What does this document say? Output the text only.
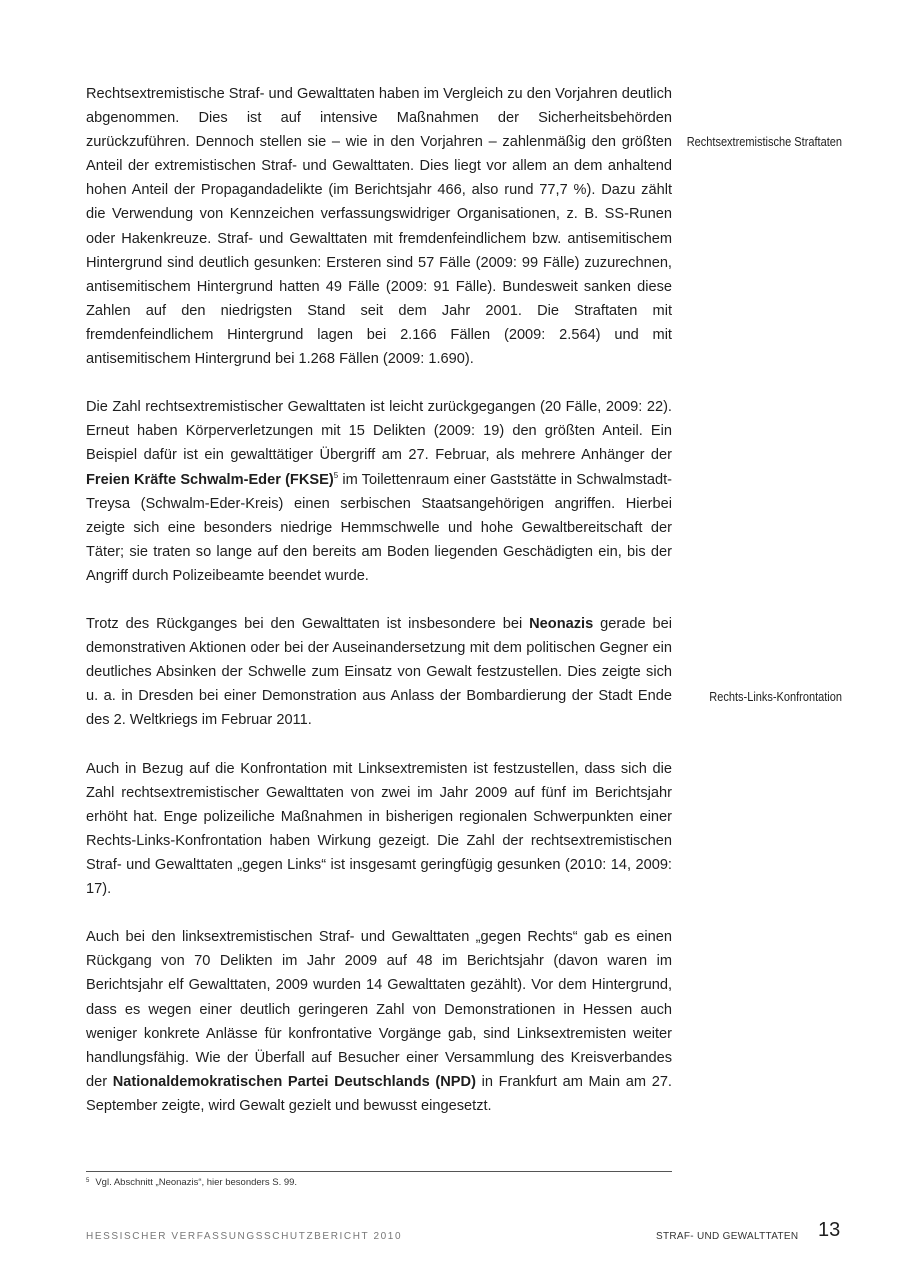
Rechtsextremistische Straftaten
Rechts-Links-Konfrontation

Rechtsextremistische Straf- und Gewalttaten haben im Vergleich zu den Vorjahren deutlich abgenommen. Dies ist auf intensive Maßnahmen der Sicherheitsbehörden zurückzuführen. Dennoch stellen sie – wie in den Vorjahren – zahlenmäßig den größten Anteil der extremistischen Straf- und Gewalttaten. Dies liegt vor allem an dem anhaltend hohen Anteil der Propagandadelikte (im Berichtsjahr 466, also rund 77,7 %). Dazu zählt die Verwendung von Kennzeichen verfassungswidriger Organisationen, z. B. SS-Runen oder Hakenkreuze. Straf- und Gewalttaten mit fremdenfeindlichem bzw. antisemitischem Hintergrund sind deutlich gesunken: Ersteren sind 57 Fälle (2009: 99 Fälle) zuzurechnen, antisemitischem Hintergrund hatten 49 Fälle (2009: 91 Fälle). Bundesweit sanken diese Zahlen auf den niedrigsten Stand seit dem Jahr 2001. Die Straftaten mit fremdenfeindlichem Hintergrund lagen bei 2.166 Fällen (2009: 2.564) und mit antisemitischem Hintergrund bei 1.268 Fällen (2009: 1.690).

Die Zahl rechtsextremistischer Gewalttaten ist leicht zurückgegangen (20 Fälle, 2009: 22). Erneut haben Körperverletzungen mit 15 Delikten (2009: 19) den größten Anteil. Ein Beispiel dafür ist ein gewalttätiger Übergriff am 27. Februar, als mehrere Anhänger der Freien Kräfte Schwalm-Eder (FKSE)$^5$ im Toilettenraum einer Gaststätte in Schwalmstadt-Treysa (Schwalm-Eder-Kreis) einen serbischen Staatsangehörigen angriffen. Hierbei zeigte sich eine besonders niedrige Hemmschwelle und hohe Gewaltbereitschaft der Täter; sie traten so lange auf den bereits am Boden liegenden Geschädigten ein, bis der Angriff durch Polizeibeamte beendet wurde.

Trotz des Rückganges bei den Gewalttaten ist insbesondere bei Neonazis gerade bei demonstrativen Aktionen oder bei der Auseinandersetzung mit dem politischen Gegner ein deutliches Absinken der Schwelle zum Einsatz von Gewalt festzustellen. Dies zeigte sich u. a. in Dresden bei einer Demonstration aus Anlass der Bombardierung der Stadt Ende des 2. Weltkriegs im Februar 2011.

Auch in Bezug auf die Konfrontation mit Linksextremisten ist festzustellen, dass sich die Zahl rechtsextremistischer Gewalttaten von zwei im Jahr 2009 auf fünf im Berichtsjahr erhöht hat. Enge polizeiliche Maßnahmen in bisherigen regionalen Schwerpunkten einer Rechts-Links-Konfrontation haben Wirkung gezeigt. Die Zahl der rechtsextremistischen Straf- und Gewalttaten „gegen Links“ ist insgesamt geringfügig gesunken (2010: 14, 2009: 17).

Auch bei den linksextremistischen Straf- und Gewalttaten „gegen Rechts“ gab es einen Rückgang von 70 Delikten im Jahr 2009 auf 48 im Berichtsjahr (davon waren im Berichtsjahr elf Gewalttaten, 2009 wurden 14 Gewalttaten gezählt). Vor dem Hintergrund, dass es wegen einer deutlich geringeren Zahl von Demonstrationen in Hessen auch weniger konkrete Anlässe für konfrontative Vorgänge gab, sind Linksextremisten weiter handlungsfähig. Wie der Überfall auf Besucher einer Versammlung des Kreisverbandes der Nationaldemokratischen Partei Deutschlands (NPD) in Frankfurt am Main am 27. September zeigte, wird Gewalt gezielt und bewusst eingesetzt.

$^5$ Vgl. Abschnitt „Neonazis“, hier besonders S. 99.
HESSISCHER VERFASSUNGSSCHUTZBERICHT 2010	STRAF- UND GEWALTTATEN 13
